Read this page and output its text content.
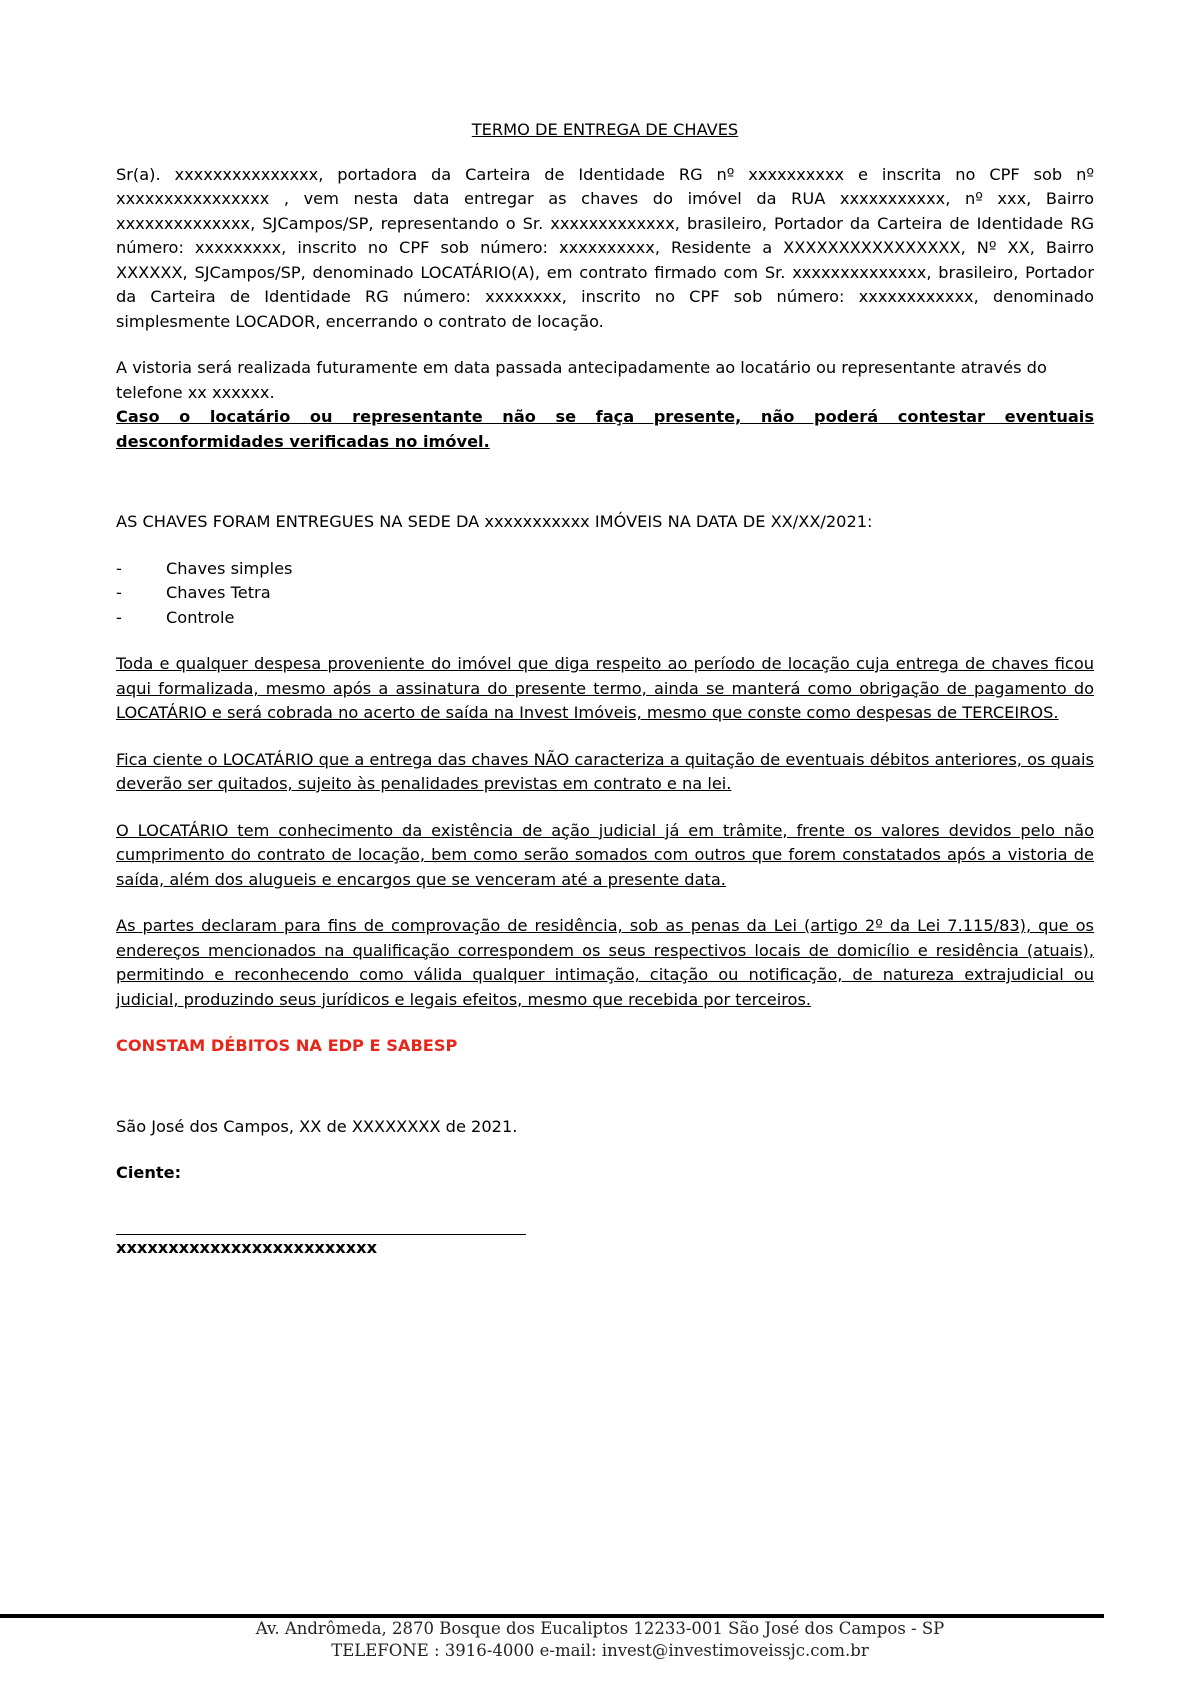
TERMO DE ENTREGA DE CHAVES

Sr(a). xxxxxxxxxxxxxxx, portadora da Carteira de Identidade RG nº xxxxxxxxxx e inscrita no CPF sob nº xxxxxxxxxxxxxxxx , vem nesta data entregar as chaves do imóvel da RUA xxxxxxxxxxx, nº xxx, Bairro xxxxxxxxxxxxxx, SJCampos/SP, representando o Sr. xxxxxxxxxxxxx, brasileiro, Portador da Carteira de Identidade RG número: xxxxxxxxx, inscrito no CPF sob número: xxxxxxxxxx, Residente a XXXXXXXXXXXXXXXX, Nº XX, Bairro XXXXXX, SJCampos/SP, denominado LOCATÁRIO(A), em contrato firmado com Sr. xxxxxxxxxxxxxx, brasileiro, Portador da Carteira de Identidade RG número: xxxxxxxx, inscrito no CPF sob número: xxxxxxxxxxxx, denominado simplesmente LOCADOR, encerrando o contrato de locação.

A vistoria será realizada futuramente em data passada antecipadamente ao locatário ou representante através do telefone xx xxxxxx.

Caso o locatário ou representante não se faça presente, não poderá contestar eventuais desconformidades verificadas no imóvel.

AS CHAVES FORAM ENTREGUES NA SEDE DA xxxxxxxxxxx IMÓVEIS NA DATA DE XX/XX/2021:

-	Chaves simples
-	Chaves Tetra
-	Controle

Toda e qualquer despesa proveniente do imóvel que diga respeito ao período de locação cuja entrega de chaves ficou aqui formalizada, mesmo após a assinatura do presente termo, ainda se manterá como obrigação de pagamento do LOCATÁRIO e será cobrada no acerto de saída na Invest Imóveis, mesmo que conste como despesas de TERCEIROS.

Fica ciente o LOCATÁRIO que a entrega das chaves NÃO caracteriza a quitação de eventuais débitos anteriores, os quais deverão ser quitados, sujeito às penalidades previstas em contrato e na lei.

O LOCATÁRIO tem conhecimento da existência de ação judicial já em trâmite, frente os valores devidos pelo não cumprimento do contrato de locação, bem como serão somados com outros que forem constatados após a vistoria de saída, além dos alugueis e encargos que se venceram até a presente data.

As partes declaram para fins de comprovação de residência, sob as penas da Lei (artigo 2º da Lei 7.115/83), que os endereços mencionados na qualificação correspondem os seus respectivos locais de domicílio e residência (atuais), permitindo e reconhecendo como válida qualquer intimação, citação ou notificação, de natureza extrajudicial ou judicial, produzindo seus jurídicos e legais efeitos, mesmo que recebida por terceiros.

CONSTAM DÉBITOS NA EDP E SABESP

São José dos Campos, XX de XXXXXXXX de 2021.

Ciente:

xxxxxxxxxxxxxxxxxxxxxxxxx

Av. Andrômeda, 2870 Bosque dos Eucaliptos 12233-001 São José dos Campos - SP
TELEFONE : 3916-4000 e-mail: invest@investimoveissjc.com.br
